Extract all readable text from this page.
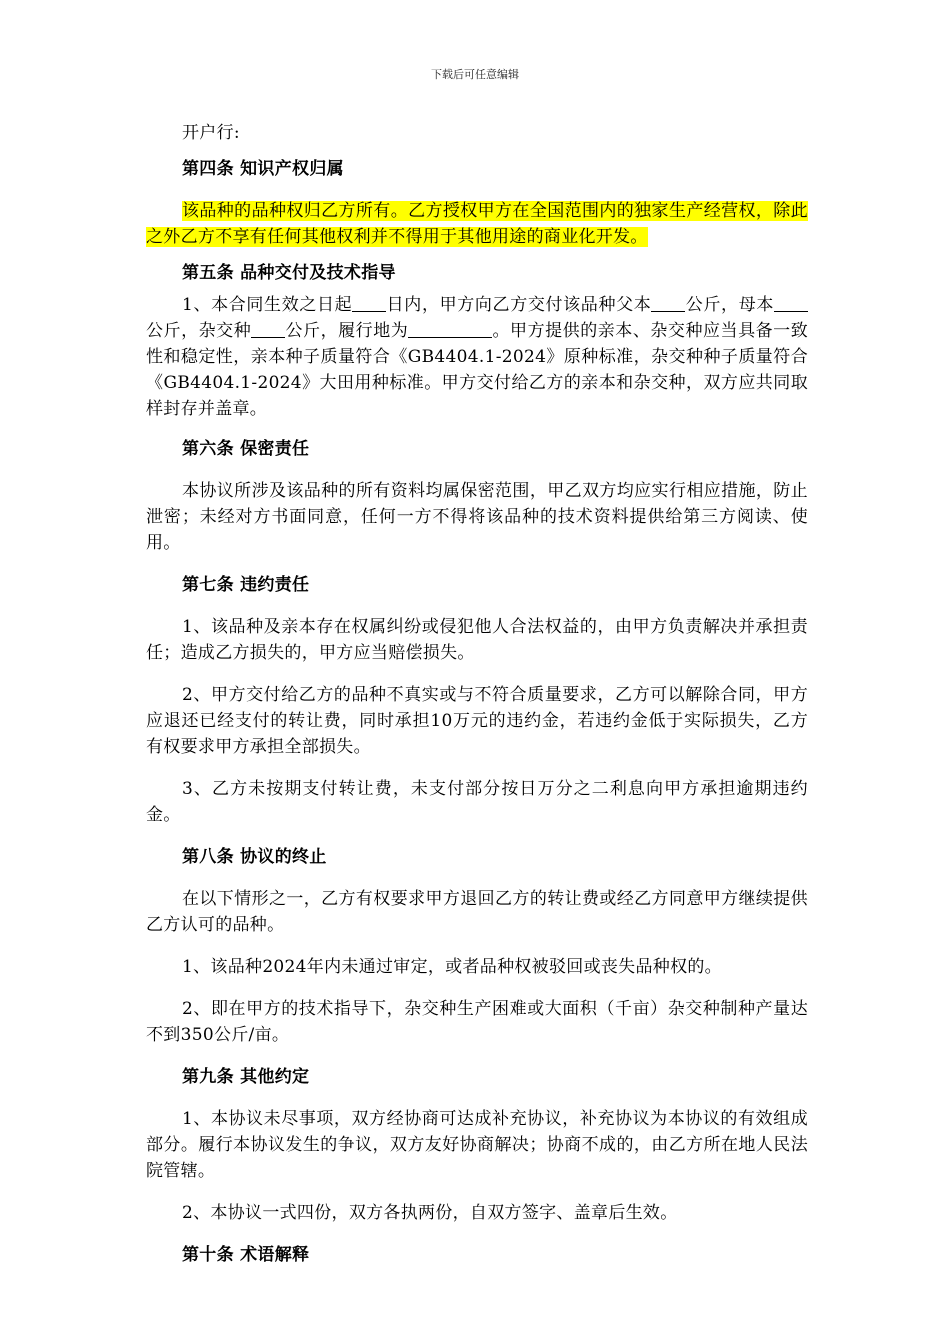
下载后可任意编辑

开户行:

第四条 知识产权归属

该品种的品种权归乙方所有。乙方授权甲方在全国范围内的独家生产经营权，除此之外乙方不享有任何其他权利并不得用于其他用途的商业化开发。

第五条 品种交付及技术指导

1、本合同生效之日起 日内，甲方向乙方交付该品种父本 公斤，母本公斤，杂交种 公斤，履行地为	。甲方提供的亲本、杂交种应当具备一致性和稳定性，亲本种子质量符合《GB4404.1-2024》原种标准，杂交种种子质量符合《GB4404.1-2024》大田用种标准。甲方交付给乙方的亲本和杂交种，双方应共同取样封存并盖章。

第六条 保密责任

本协议所涉及该品种的所有资料均属保密范围，甲乙双方均应实行相应措施，防止泄密；未经对方书面同意，任何一方不得将该品种的技术资料提供给第三方阅读、使用。

第七条 违约责任

1、该品种及亲本存在权属纠纷或侵犯他人合法权益的，由甲方负责解决并承担责任；造成乙方损失的，甲方应当赔偿损失。

2、甲方交付给乙方的品种不真实或与不符合质量要求，乙方可以解除合同，甲方应退还已经支付的转让费，同时承担10万元的违约金，若违约金低于实际损失，乙方有权要求甲方承担全部损失。

3、乙方未按期支付转让费，未支付部分按日万分之二利息向甲方承担逾期违约金。

第八条 协议的终止

在以下情形之一，乙方有权要求甲方退回乙方的转让费或经乙方同意甲方继续提供乙方认可的品种。

1、该品种2024年内未通过审定，或者品种权被驳回或丧失品种权的。

2、即在甲方的技术指导下，杂交种生产困难或大面积（千亩）杂交种制种产量达不到350公斤/亩。

第九条 其他约定

1、本协议未尽事项，双方经协商可达成补充协议，补充协议为本协议的有效组成部分。履行本协议发生的争议，双方友好协商解决；协商不成的，由乙方所在地人民法院管辖。

2、本协议一式四份，双方各执两份，自双方签字、盖章后生效。

第十条 术语解释
